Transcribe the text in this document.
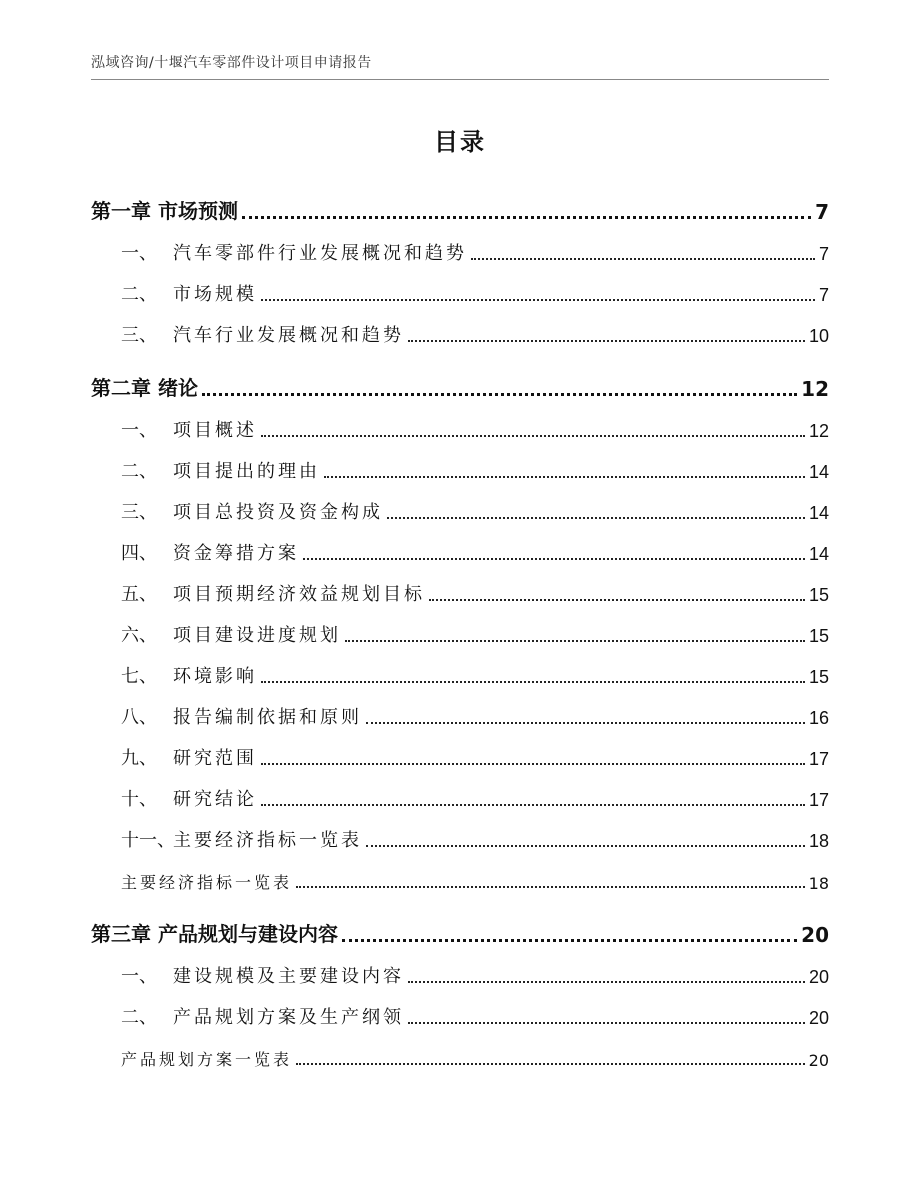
泓域咨询/十堰汽车零部件设计项目申请报告
目录
第一章 市场预测	7
一、 汽车零部件行业发展概况和趋势	7
二、 市场规模	7
三、 汽车行业发展概况和趋势	10
第二章 绪论	12
一、 项目概述	12
二、 项目提出的理由	14
三、 项目总投资及资金构成	14
四、 资金筹措方案	14
五、 项目预期经济效益规划目标	15
六、 项目建设进度规划	15
七、 环境影响	15
八、 报告编制依据和原则	16
九、 研究范围	17
十、 研究结论	17
十一、主要经济指标一览表	18
主要经济指标一览表	18
第三章 产品规划与建设内容	20
一、 建设规模及主要建设内容	20
二、 产品规划方案及生产纲领	20
产品规划方案一览表	20
